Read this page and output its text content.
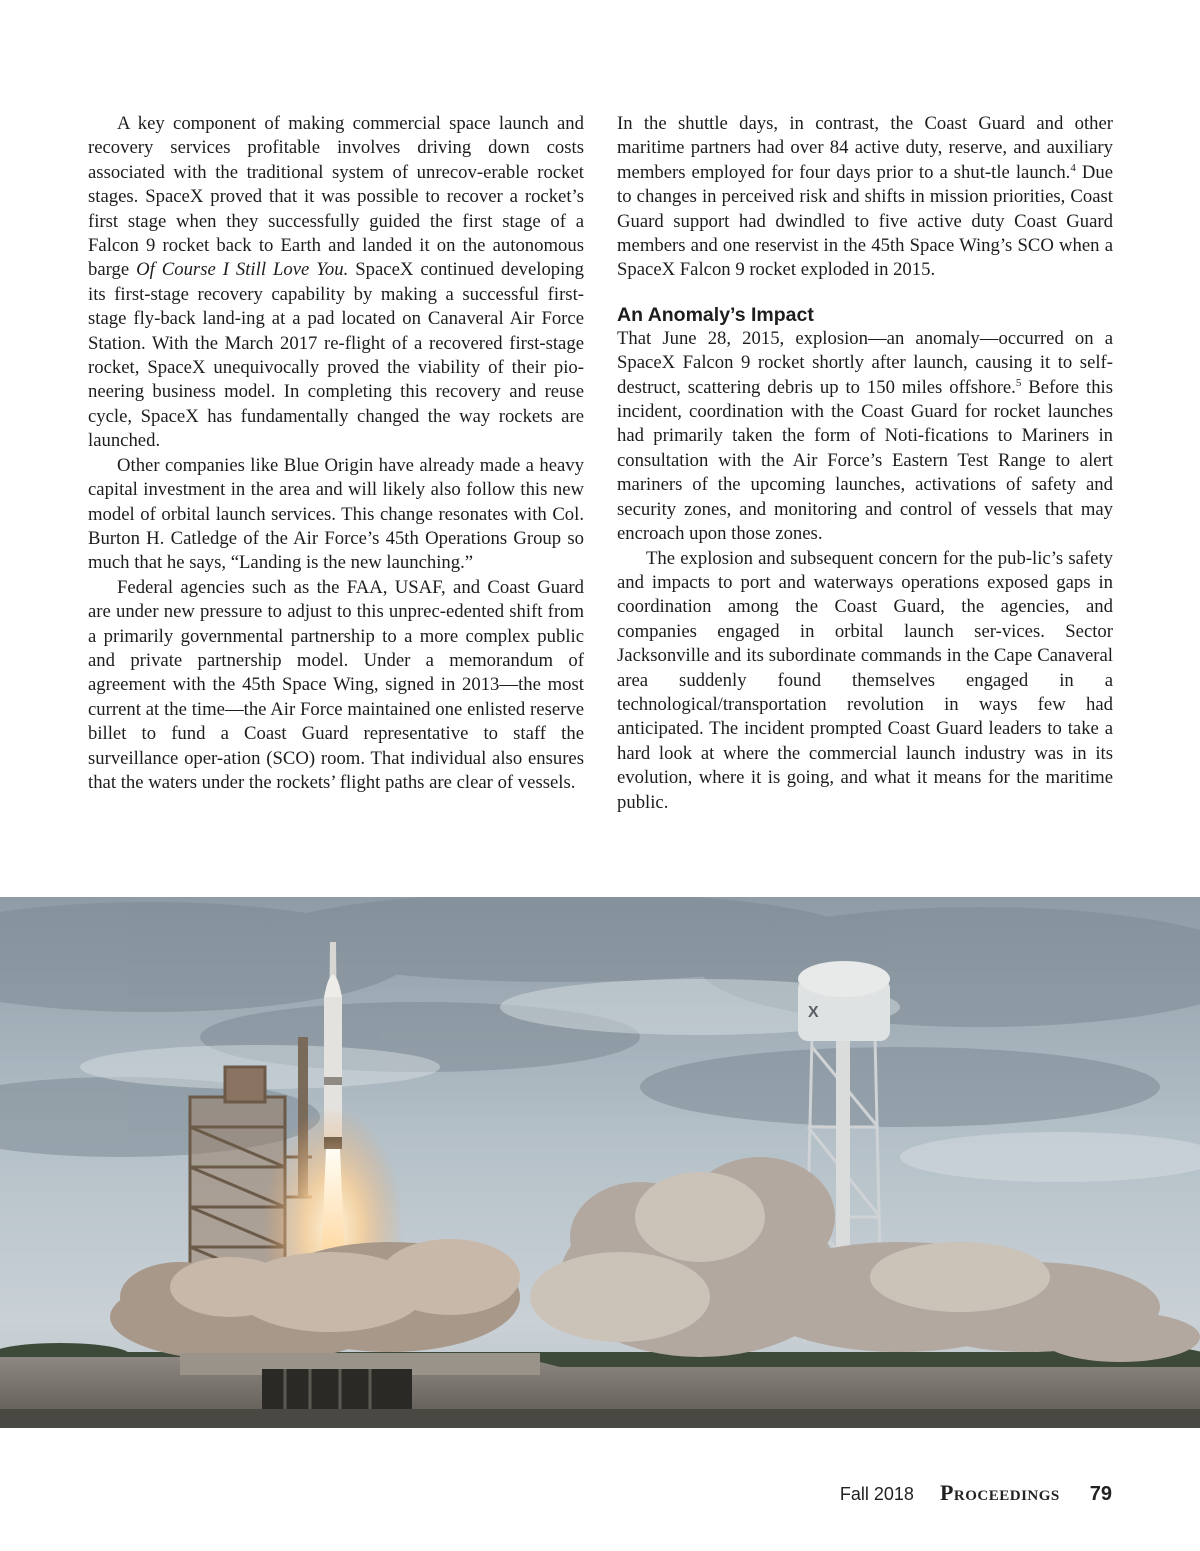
A key component of making commercial space launch and recovery services profitable involves driving down costs associated with the traditional system of unrecov-erable rocket stages. SpaceX proved that it was possible to recover a rocket’s first stage when they successfully guided the first stage of a Falcon 9 rocket back to Earth and landed it on the autonomous barge Of Course I Still Love You. SpaceX continued developing its first-stage recovery capability by making a successful first-stage fly-back land-ing at a pad located on Canaveral Air Force Station. With the March 2017 re-flight of a recovered first-stage rocket, SpaceX unequivocally proved the viability of their pio-neering business model. In completing this recovery and reuse cycle, SpaceX has fundamentally changed the way rockets are launched.

Other companies like Blue Origin have already made a heavy capital investment in the area and will likely also follow this new model of orbital launch services. This change resonates with Col. Burton H. Catledge of the Air Force’s 45th Operations Group so much that he says, “Landing is the new launching.”

Federal agencies such as the FAA, USAF, and Coast Guard are under new pressure to adjust to this unprec-edented shift from a primarily governmental partnership to a more complex public and private partnership model. Under a memorandum of agreement with the 45th Space Wing, signed in 2013—the most current at the time—the Air Force maintained one enlisted reserve billet to fund a Coast Guard representative to staff the surveillance oper-ation (SCO) room. That individual also ensures that the waters under the rockets’ flight paths are clear of vessels.

In the shuttle days, in contrast, the Coast Guard and other maritime partners had over 84 active duty, reserve, and auxiliary members employed for four days prior to a shut-tle launch.$^4$ Due to changes in perceived risk and shifts in mission priorities, Coast Guard support had dwindled to five active duty Coast Guard members and one reservist in the 45th Space Wing’s SCO when a SpaceX Falcon 9 rocket exploded in 2015.

An Anomaly’s Impact

That June 28, 2015, explosion—an anomaly—occurred on a SpaceX Falcon 9 rocket shortly after launch, causing it to self-destruct, scattering debris up to 150 miles offshore.$^5$ Before this incident, coordination with the Coast Guard for rocket launches had primarily taken the form of Noti-fications to Mariners in consultation with the Air Force’s Eastern Test Range to alert mariners of the upcoming launches, activations of safety and security zones, and monitoring and control of vessels that may encroach upon those zones.

The explosion and subsequent concern for the pub-lic’s safety and impacts to port and waterways operations exposed gaps in coordination among the Coast Guard, the agencies, and companies engaged in orbital launch ser-vices. Sector Jacksonville and its subordinate commands in the Cape Canaveral area suddenly found themselves engaged in a technological/transportation revolution in ways few had anticipated. The incident prompted Coast Guard leaders to take a hard look at where the commercial launch industry was in its evolution, where it is going, and what it means for the maritime public.

X
Fall 2018 Proceedings 79
